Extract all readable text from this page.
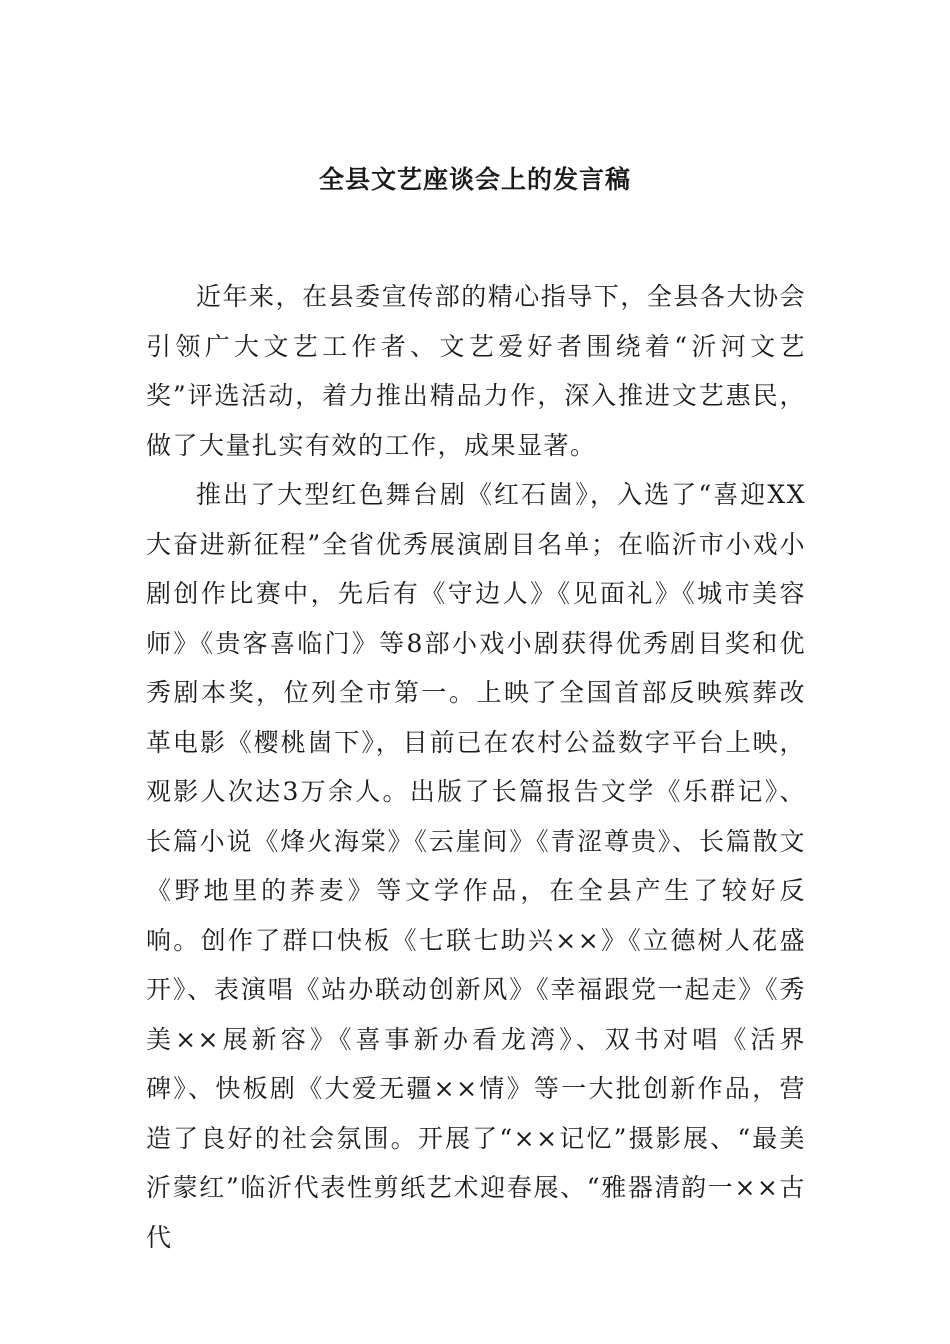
全县文艺座谈会上的发言稿

近年来，在县委宣传部的精心指导下，全县各大协会引领广大文艺工作者、文艺爱好者围绕着“沂河文艺奖”评选活动，着力推出精品力作，深入推进文艺惠民，做了大量扎实有效的工作，成果显著。

推出了大型红色舞台剧《红石崮》，入选了“喜迎XX大奋进新征程”全省优秀展演剧目名单；在临沂市小戏小剧创作比赛中，先后有《守边人》《见面礼》《城市美容师》《贵客喜临门》等8部小戏小剧获得优秀剧目奖和优秀剧本奖，位列全市第一。上映了全国首部反映殡葬改革电影《樱桃崮下》，目前已在农村公益数字平台上映，观影人次达3万余人。出版了长篇报告文学《乐群记》、长篇小说《烽火海棠》《云崖间》《青涩尊贵》、长篇散文《野地里的荞麦》等文学作品，在全县产生了较好反响。创作了群口快板《七联七助兴××》《立德树人花盛开》、表演唱《站办联动创新风》《幸福跟党一起走》《秀美××展新容》《喜事新办看龙湾》、双书对唱《活界碑》、快板剧《大爱无疆××情》等一大批创新作品，营造了良好的社会氛围。开展了“××记忆”摄影展、“最美沂蒙红”临沂代表性剪纸艺术迎春展、“雅器清韵一××古代
